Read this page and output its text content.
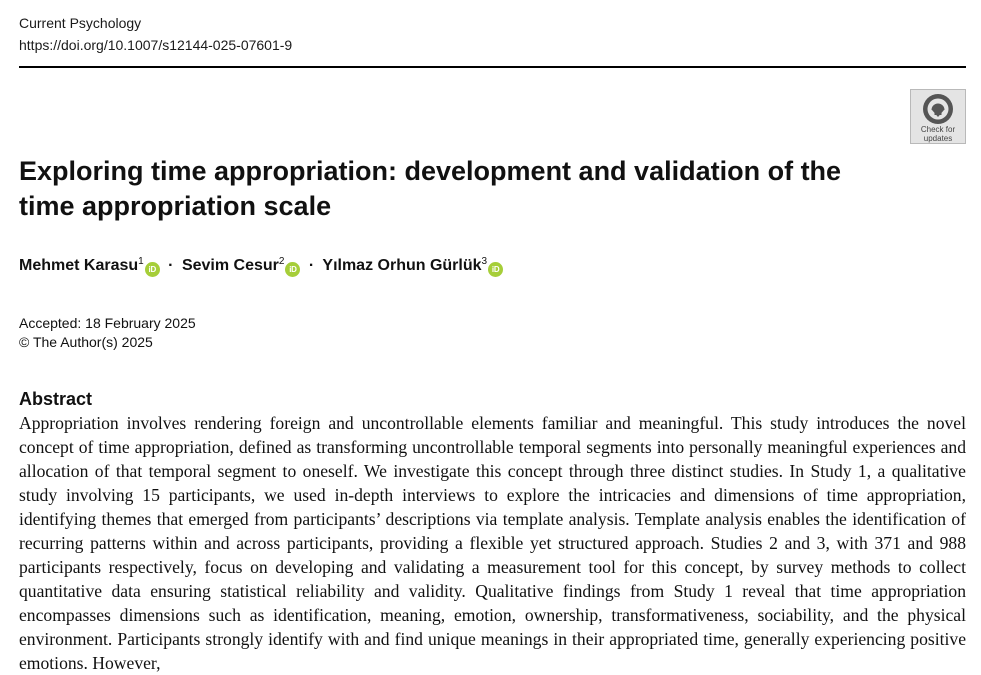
Current Psychology
https://doi.org/10.1007/s12144-025-07601-9
Check for
updates
Exploring time appropriation: development and validation of the time appropriation scale
Mehmet Karasu$^1$iD · Sevim Cesur$^2$iD · Yılmaz Orhun Gürlük$^3$iD
Accepted: 18 February 2025
© The Author(s) 2025
Abstract

Appropriation involves rendering foreign and uncontrollable elements familiar and meaningful. This study introduces the novel concept of time appropriation, defined as transforming uncontrollable temporal segments into personally meaningful experiences and allocation of that temporal segment to oneself. We investigate this concept through three distinct studies. In Study 1, a qualitative study involving 15 participants, we used in-depth interviews to explore the intricacies and dimensions of time appropriation, identifying themes that emerged from participants’ descriptions via template analysis. Template analysis enables the identification of recurring patterns within and across participants, providing a flexible yet structured approach. Studies 2 and 3, with 371 and 988 participants respectively, focus on developing and validating a measurement tool for this concept, by survey methods to collect quantitative data ensuring statistical reliability and validity. Qualitative findings from Study 1 reveal that time appropriation encompasses dimensions such as identification, meaning, emotion, ownership, transformativeness, sociability, and the physical environment. Participants strongly identify with and find unique meanings in their appropriated time, generally experiencing positive emotions. However,
